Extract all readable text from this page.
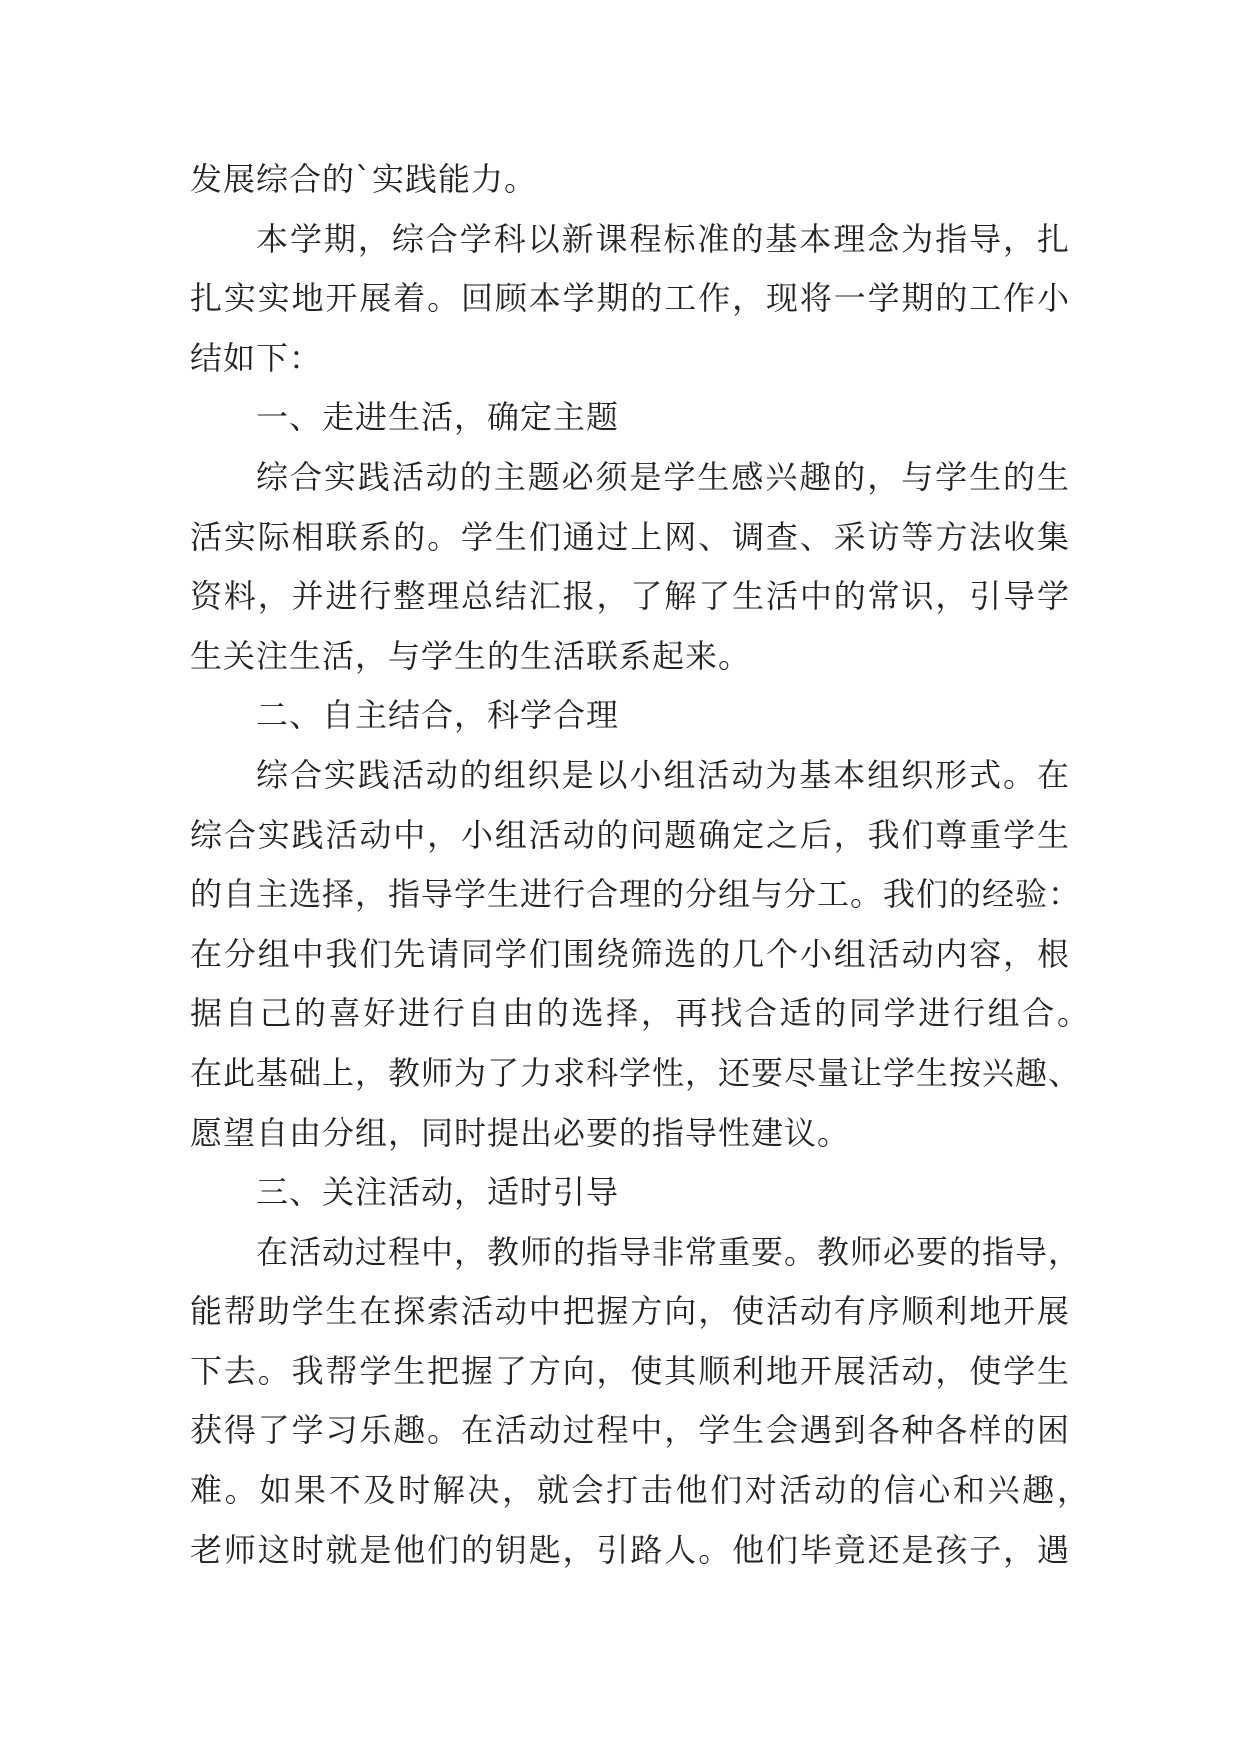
发展综合的`实践能力。
本学期，综合学科以新课程标准的基本理念为指导，扎
扎实实地开展着。回顾本学期的工作，现将一学期的工作小
结如下：
一、走进生活，确定主题
综合实践活动的主题必须是学生感兴趣的，与学生的生
活实际相联系的。学生们通过上网、调查、采访等方法收集
资料，并进行整理总结汇报，了解了生活中的常识，引导学
生关注生活，与学生的生活联系起来。
二、自主结合，科学合理
综合实践活动的组织是以小组活动为基本组织形式。在
综合实践活动中，小组活动的问题确定之后，我们尊重学生
的自主选择，指导学生进行合理的分组与分工。我们的经验：
在分组中我们先请同学们围绕筛选的几个小组活动内容，根
据自己的喜好进行自由的选择，再找合适的同学进行组合。
在此基础上，教师为了力求科学性，还要尽量让学生按兴趣、
愿望自由分组，同时提出必要的指导性建议。
三、关注活动，适时引导
在活动过程中，教师的指导非常重要。教师必要的指导，
能帮助学生在探索活动中把握方向，使活动有序顺利地开展
下去。我帮学生把握了方向，使其顺利地开展活动，使学生
获得了学习乐趣。在活动过程中，学生会遇到各种各样的困
难。如果不及时解决，就会打击他们对活动的信心和兴趣，
老师这时就是他们的钥匙，引路人。他们毕竟还是孩子，遇
